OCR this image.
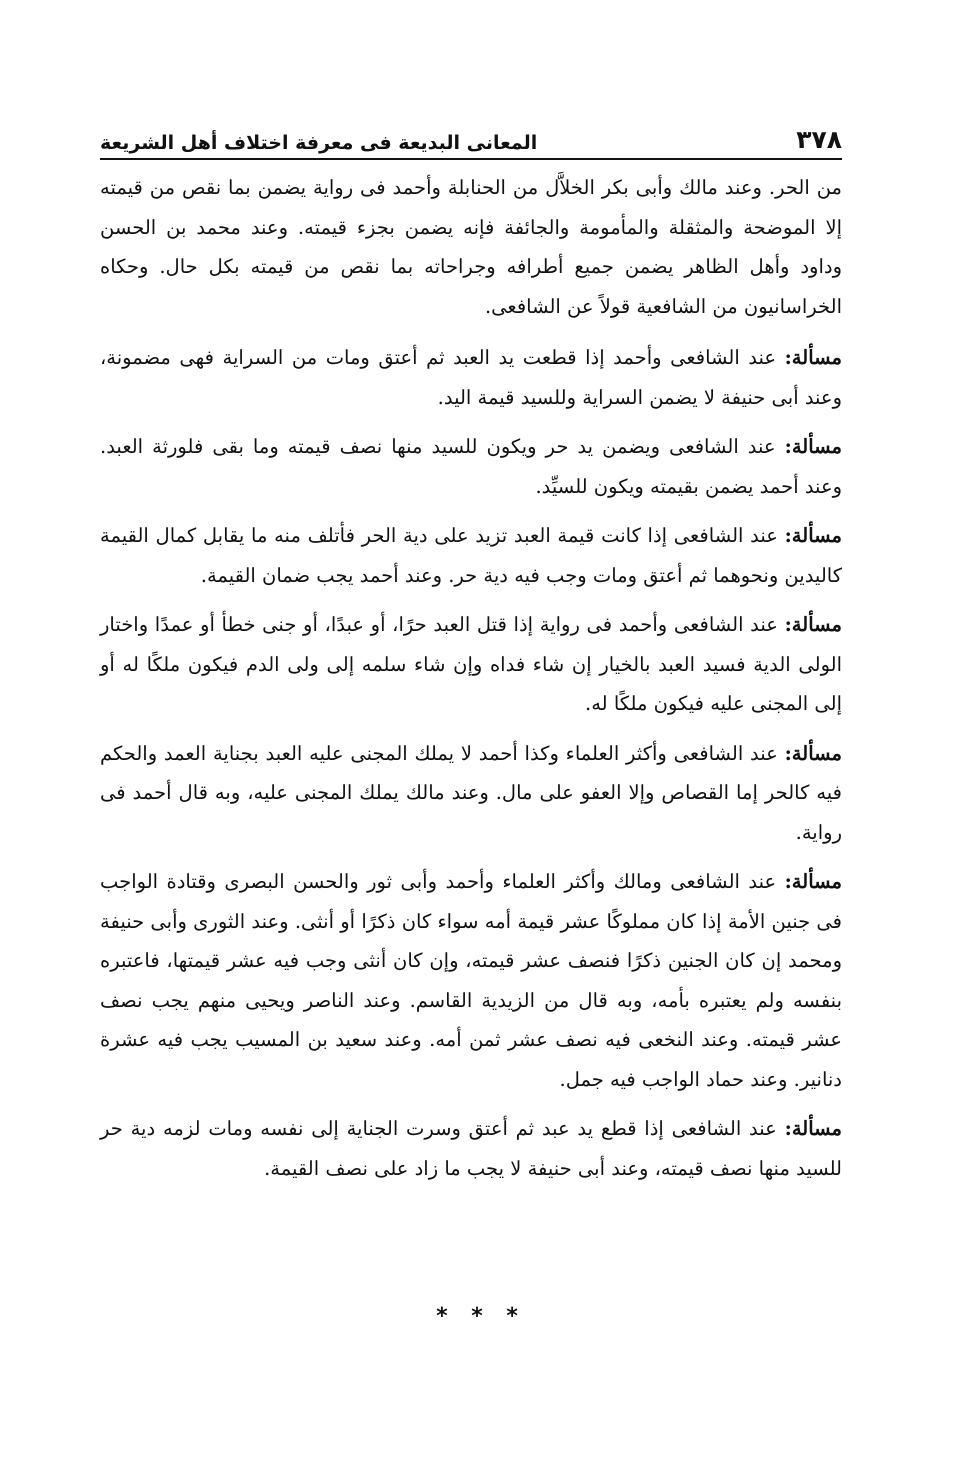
٣٧٨
المعانى البديعة فى معرفة اختلاف أهل الشريعة

من الحر. وعند مالك وأبى بكر الخلاَّل من الحنابلة وأحمد فى رواية يضمن بما نقص من قيمته إلا الموضحة والمثقلة والمأمومة والجائفة فإنه يضمن بجزء قيمته. وعند محمد بن الحسن وداود وأهل الظاهر يضمن جميع أطرافه وجراحاته بما نقص من قيمته بكل حال. وحكاه الخراسانيون من الشافعية قولاً عن الشافعى.

مسألة: عند الشافعى وأحمد إذا قطعت يد العبد ثم أعتق ومات من السراية فهى مضمونة، وعند أبى حنيفة لا يضمن السراية وللسيد قيمة اليد.

مسألة: عند الشافعى ويضمن يد حر ويكون للسيد منها نصف قيمته وما بقى فلورثة العبد. وعند أحمد يضمن بقيمته ويكون للسيِّد.

مسألة: عند الشافعى إذا كانت قيمة العبد تزيد على دية الحر فأتلف منه ما يقابل كمال القيمة كاليدين ونحوهما ثم أعتق ومات وجب فيه دية حر. وعند أحمد يجب ضمان القيمة.

مسألة: عند الشافعى وأحمد فى رواية إذا قتل العبد حرًا، أو عبدًا، أو جنى خطأ أو عمدًا واختار الولى الدية فسيد العبد بالخيار إن شاء فداه وإن شاء سلمه إلى ولى الدم فيكون ملكًا له أو إلى المجنى عليه فيكون ملكًا له.

مسألة: عند الشافعى وأكثر العلماء وكذا أحمد لا يملك المجنى عليه العبد بجناية العمد والحكم فيه كالحر إما القصاص وإلا العفو على مال. وعند مالك يملك المجنى عليه، وبه قال أحمد فى رواية.

مسألة: عند الشافعى ومالك وأكثر العلماء وأحمد وأبى ثور والحسن البصرى وقتادة الواجب فى جنين الأمة إذا كان مملوكًا عشر قيمة أمه سواء كان ذكرًا أو أنثى. وعند الثورى وأبى حنيفة ومحمد إن كان الجنين ذكرًا فنصف عشر قيمته، وإن كان أنثى وجب فيه عشر قيمتها، فاعتبره بنفسه ولم يعتبره بأمه، وبه قال من الزيدية القاسم. وعند الناصر ويحيى منهم يجب نصف عشر قيمته. وعند النخعى فيه نصف عشر ثمن أمه. وعند سعيد بن المسيب يجب فيه عشرة دنانير. وعند حماد الواجب فيه جمل.

مسألة: عند الشافعى إذا قطع يد عبد ثم أعتق وسرت الجناية إلى نفسه ومات لزمه دية حر للسيد منها نصف قيمته، وعند أبى حنيفة لا يجب ما زاد على نصف القيمة.

* * *
